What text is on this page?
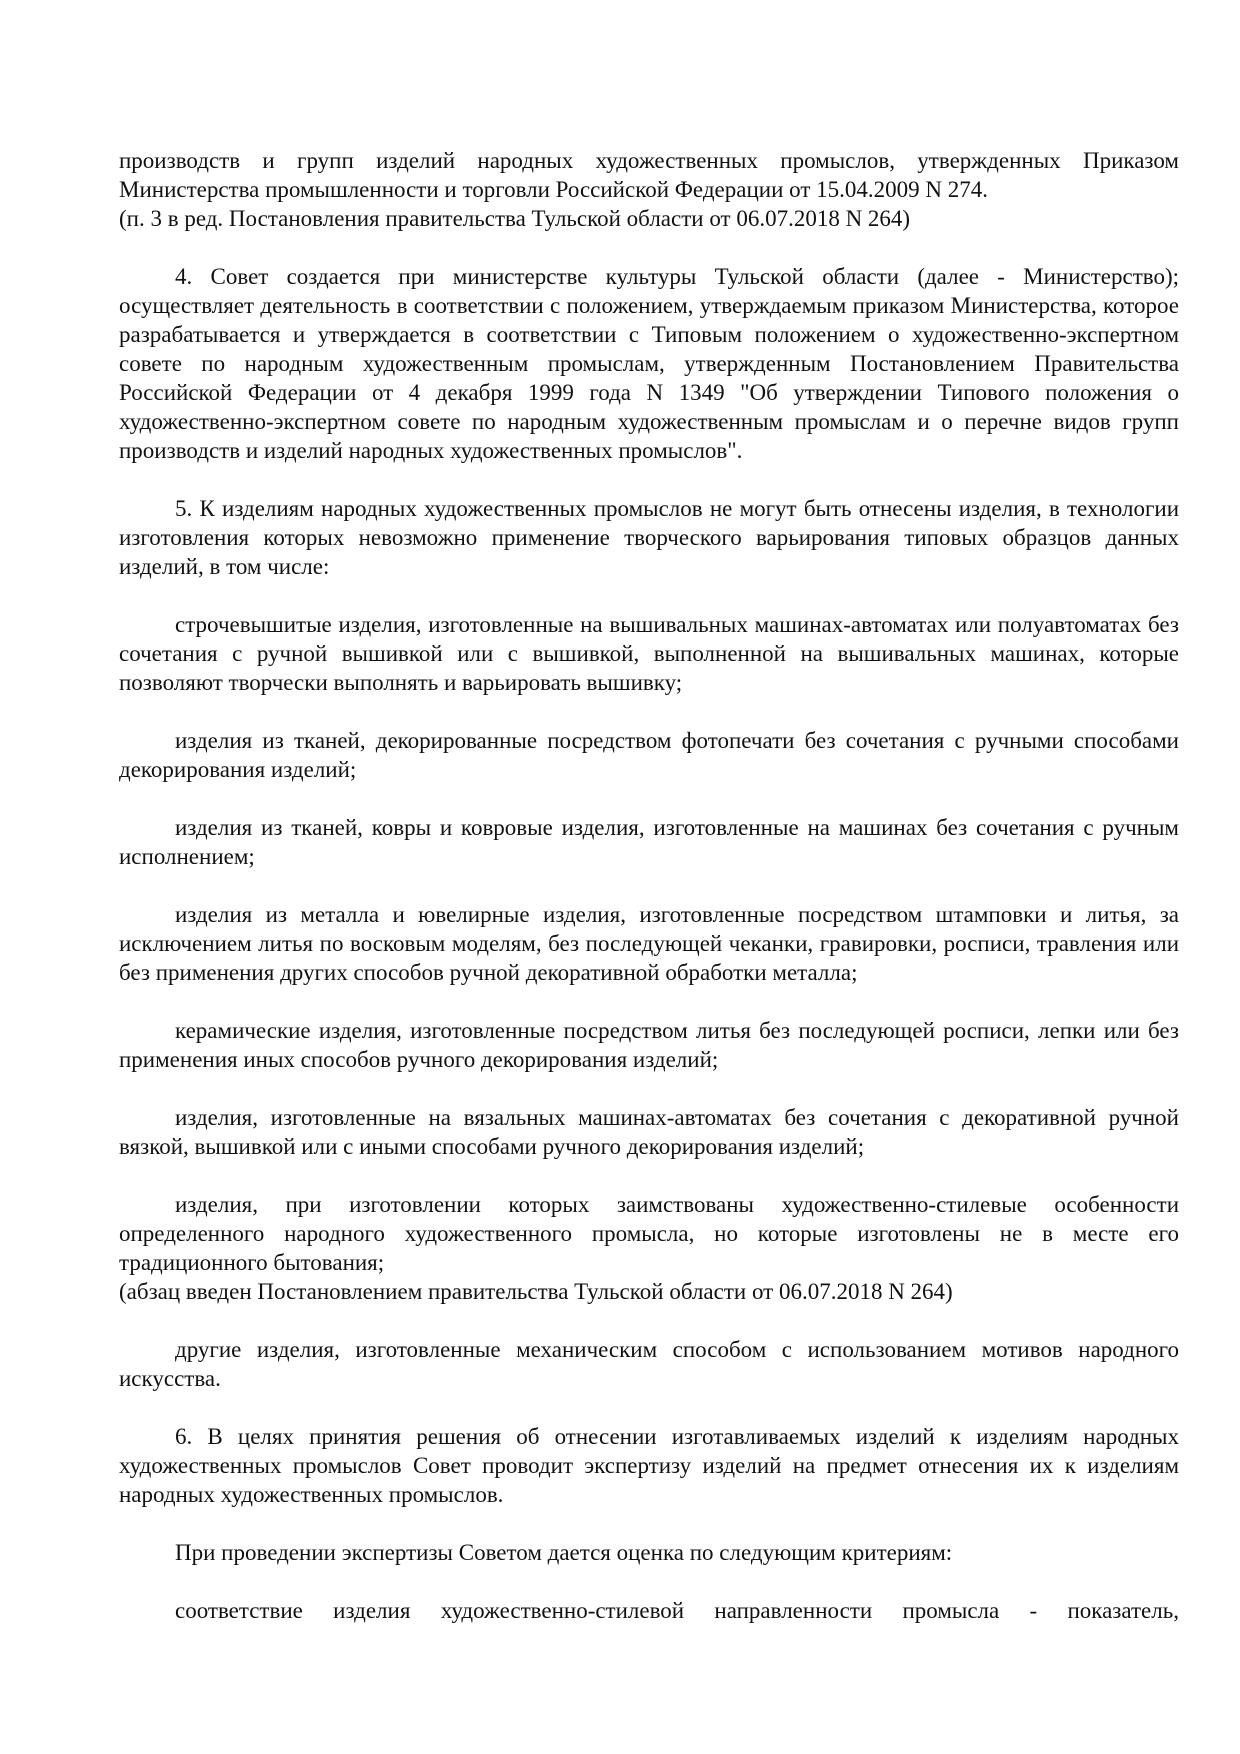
производств и групп изделий народных художественных промыслов, утвержденных Приказом Министерства промышленности и торговли Российской Федерации от 15.04.2009 N 274.

(п. 3 в ред. Постановления правительства Тульской области от 06.07.2018 N 264)

4. Совет создается при министерстве культуры Тульской области (далее - Министерство); осуществляет деятельность в соответствии с положением, утверждаемым приказом Министерства, которое разрабатывается и утверждается в соответствии с Типовым положением о художественно-экспертном совете по народным художественным промыслам, утвержденным Постановлением Правительства Российской Федерации от 4 декабря 1999 года N 1349 "Об утверждении Типового положения о художественно-экспертном совете по народным художественным промыслам и о перечне видов групп производств и изделий народных художественных промыслов".

5. К изделиям народных художественных промыслов не могут быть отнесены изделия, в технологии изготовления которых невозможно применение творческого варьирования типовых образцов данных изделий, в том числе:

строчевышитые изделия, изготовленные на вышивальных машинах-автоматах или полуавтоматах без сочетания с ручной вышивкой или с вышивкой, выполненной на вышивальных машинах, которые позволяют творчески выполнять и варьировать вышивку;

изделия из тканей, декорированные посредством фотопечати без сочетания с ручными способами декорирования изделий;

изделия из тканей, ковры и ковровые изделия, изготовленные на машинах без сочетания с ручным исполнением;

изделия из металла и ювелирные изделия, изготовленные посредством штамповки и литья, за исключением литья по восковым моделям, без последующей чеканки, гравировки, росписи, травления или без применения других способов ручной декоративной обработки металла;

керамические изделия, изготовленные посредством литья без последующей росписи, лепки или без применения иных способов ручного декорирования изделий;

изделия, изготовленные на вязальных машинах-автоматах без сочетания с декоративной ручной вязкой, вышивкой или с иными способами ручного декорирования изделий;

изделия, при изготовлении которых заимствованы художественно-стилевые особенности определенного народного художественного промысла, но которые изготовлены не в месте его традиционного бытования;

(абзац введен Постановлением правительства Тульской области от 06.07.2018 N 264)

другие изделия, изготовленные механическим способом с использованием мотивов народного искусства.

6. В целях принятия решения об отнесении изготавливаемых изделий к изделиям народных художественных промыслов Совет проводит экспертизу изделий на предмет отнесения их к изделиям народных художественных промыслов.

При проведении экспертизы Советом дается оценка по следующим критериям:

соответствие изделия художественно-стилевой направленности промысла - показатель,
